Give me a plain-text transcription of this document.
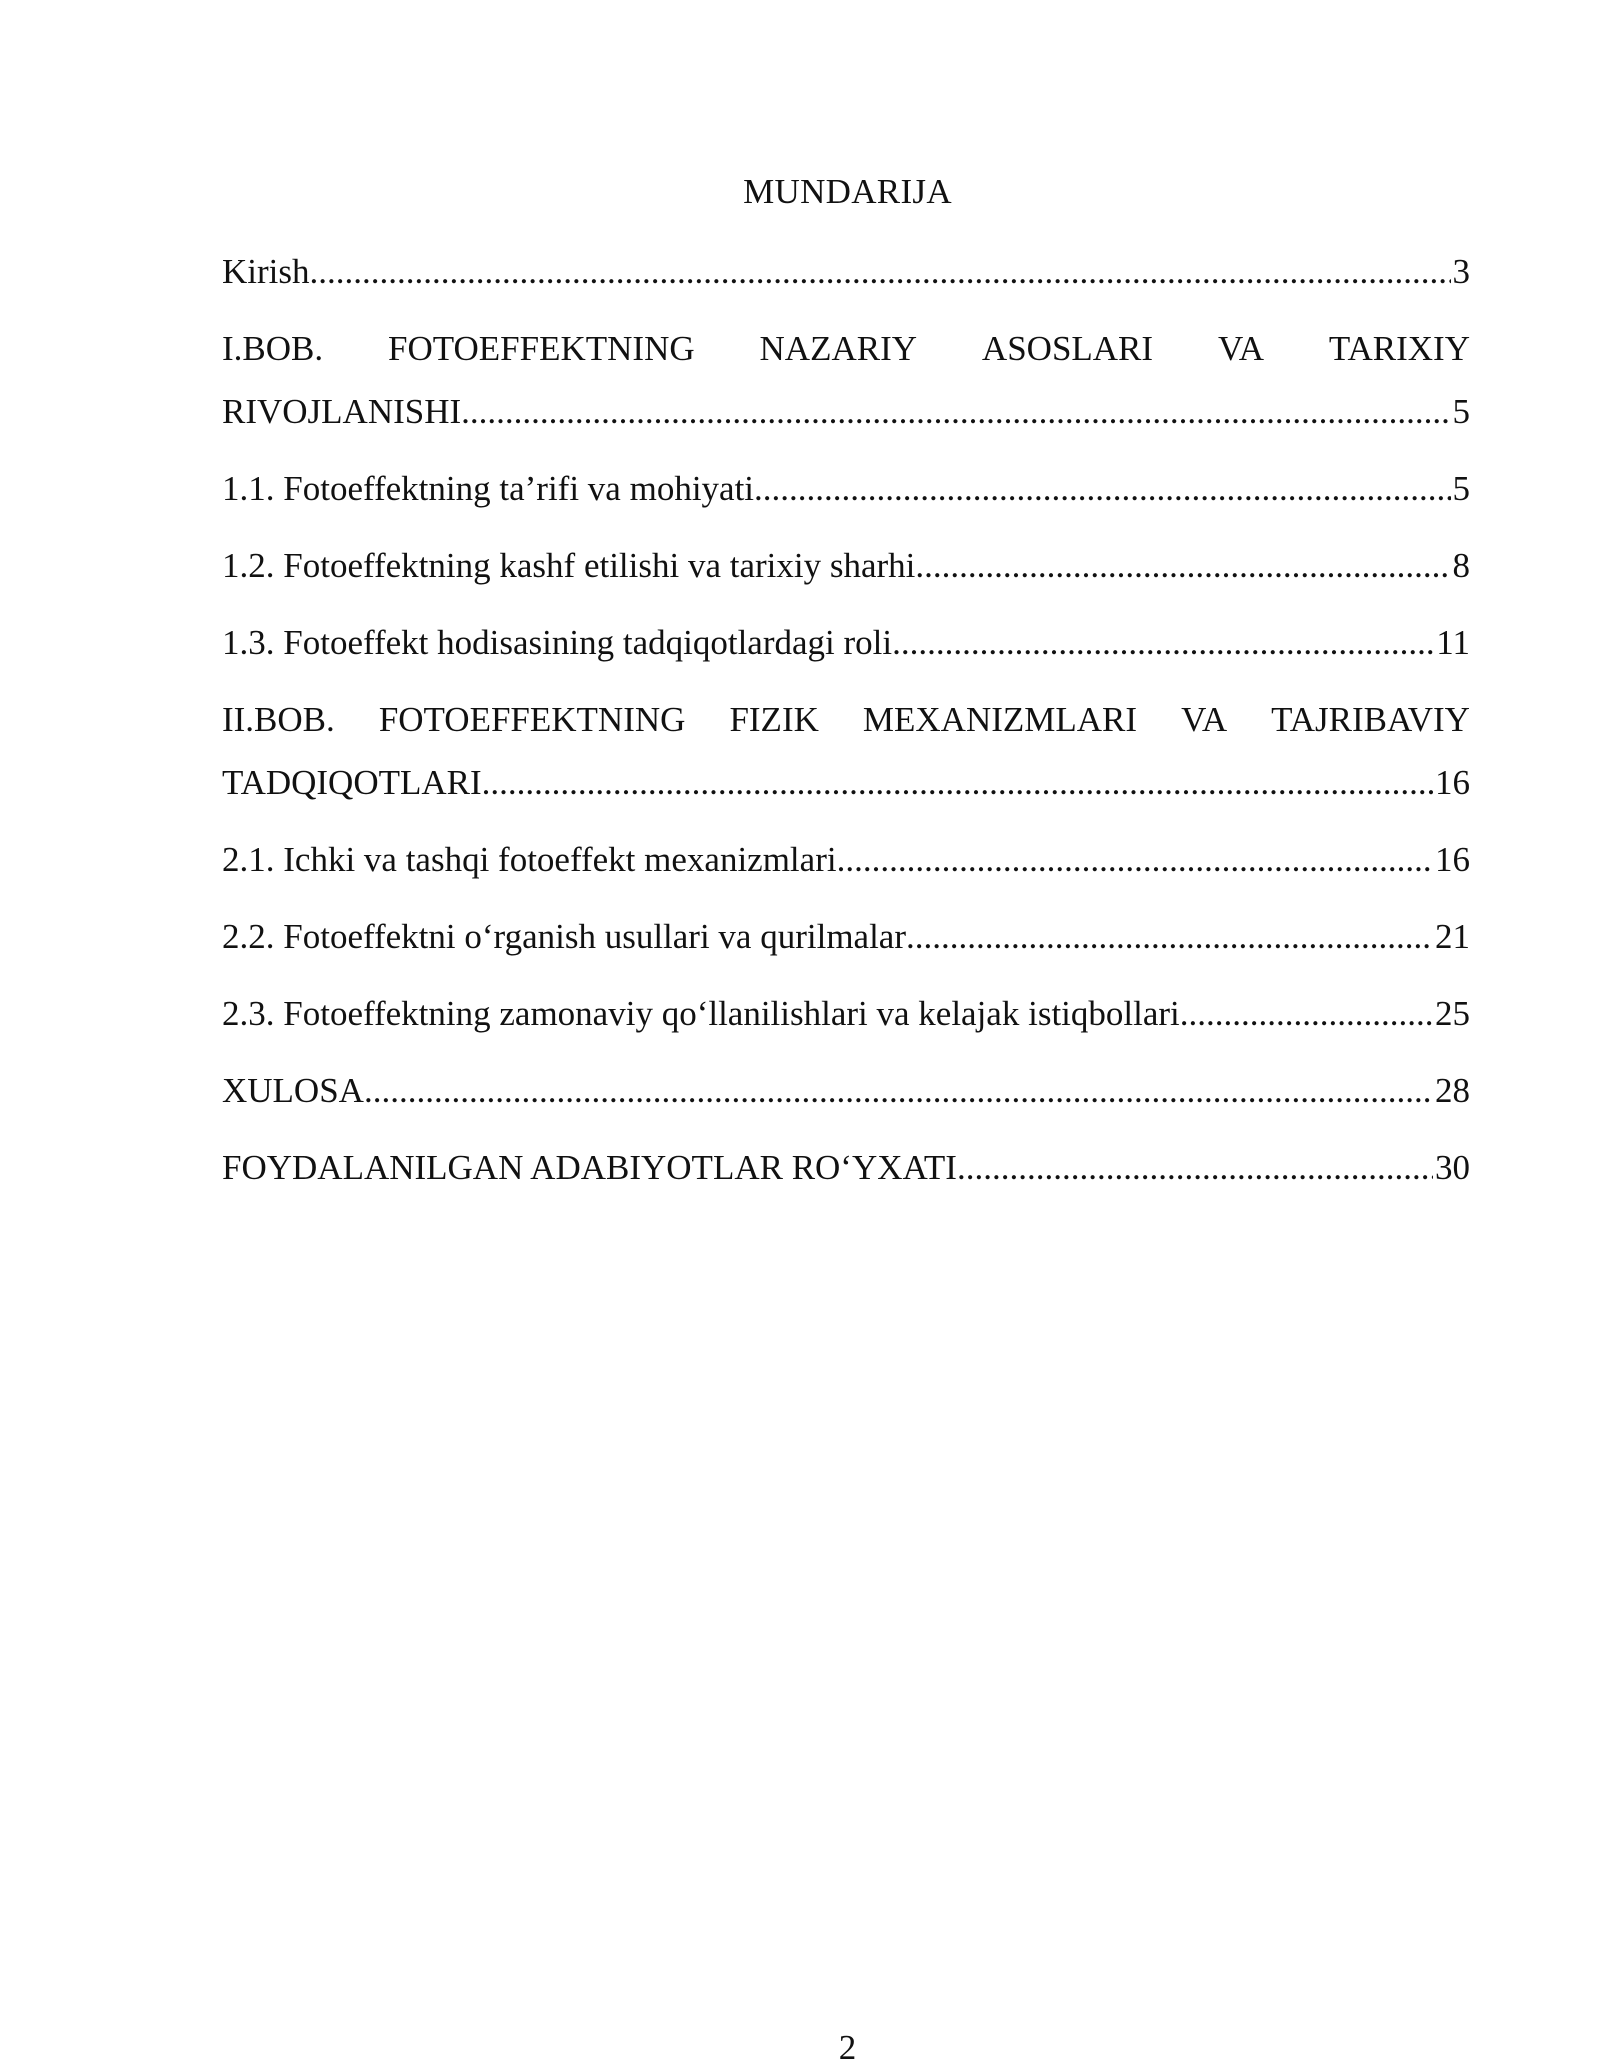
MUNDARIJA
Kirish .....	3
I.BOB. FOTOEFFEKTNING NAZARIY ASOSLARI VA TARIXIY
RIVOJLANISHI .....	5
1.1. Fotoeffektning ta’rifi va mohiyati .....	5
1.2. Fotoeffektning kashf etilishi va tarixiy sharhi .....	8
1.3. Fotoeffekt hodisasining tadqiqotlardagi roli .....	11
II.BOB. FOTOEFFEKTNING FIZIK MEXANIZMLARI VA TAJRIBAVIY
TADQIQOTLARI .....	16
2.1. Ichki va tashqi fotoeffekt mexanizmlari .....	16
2.2. Fotoeffektni o‘rganish usullari va qurilmalar .....	21
2.3. Fotoeffektning zamonaviy qo‘llanilishlari va kelajak istiqbollari .....	25
XULOSA .....	28
FOYDALANILGAN ADABIYOTLAR RO‘YXATI .....	30
2
